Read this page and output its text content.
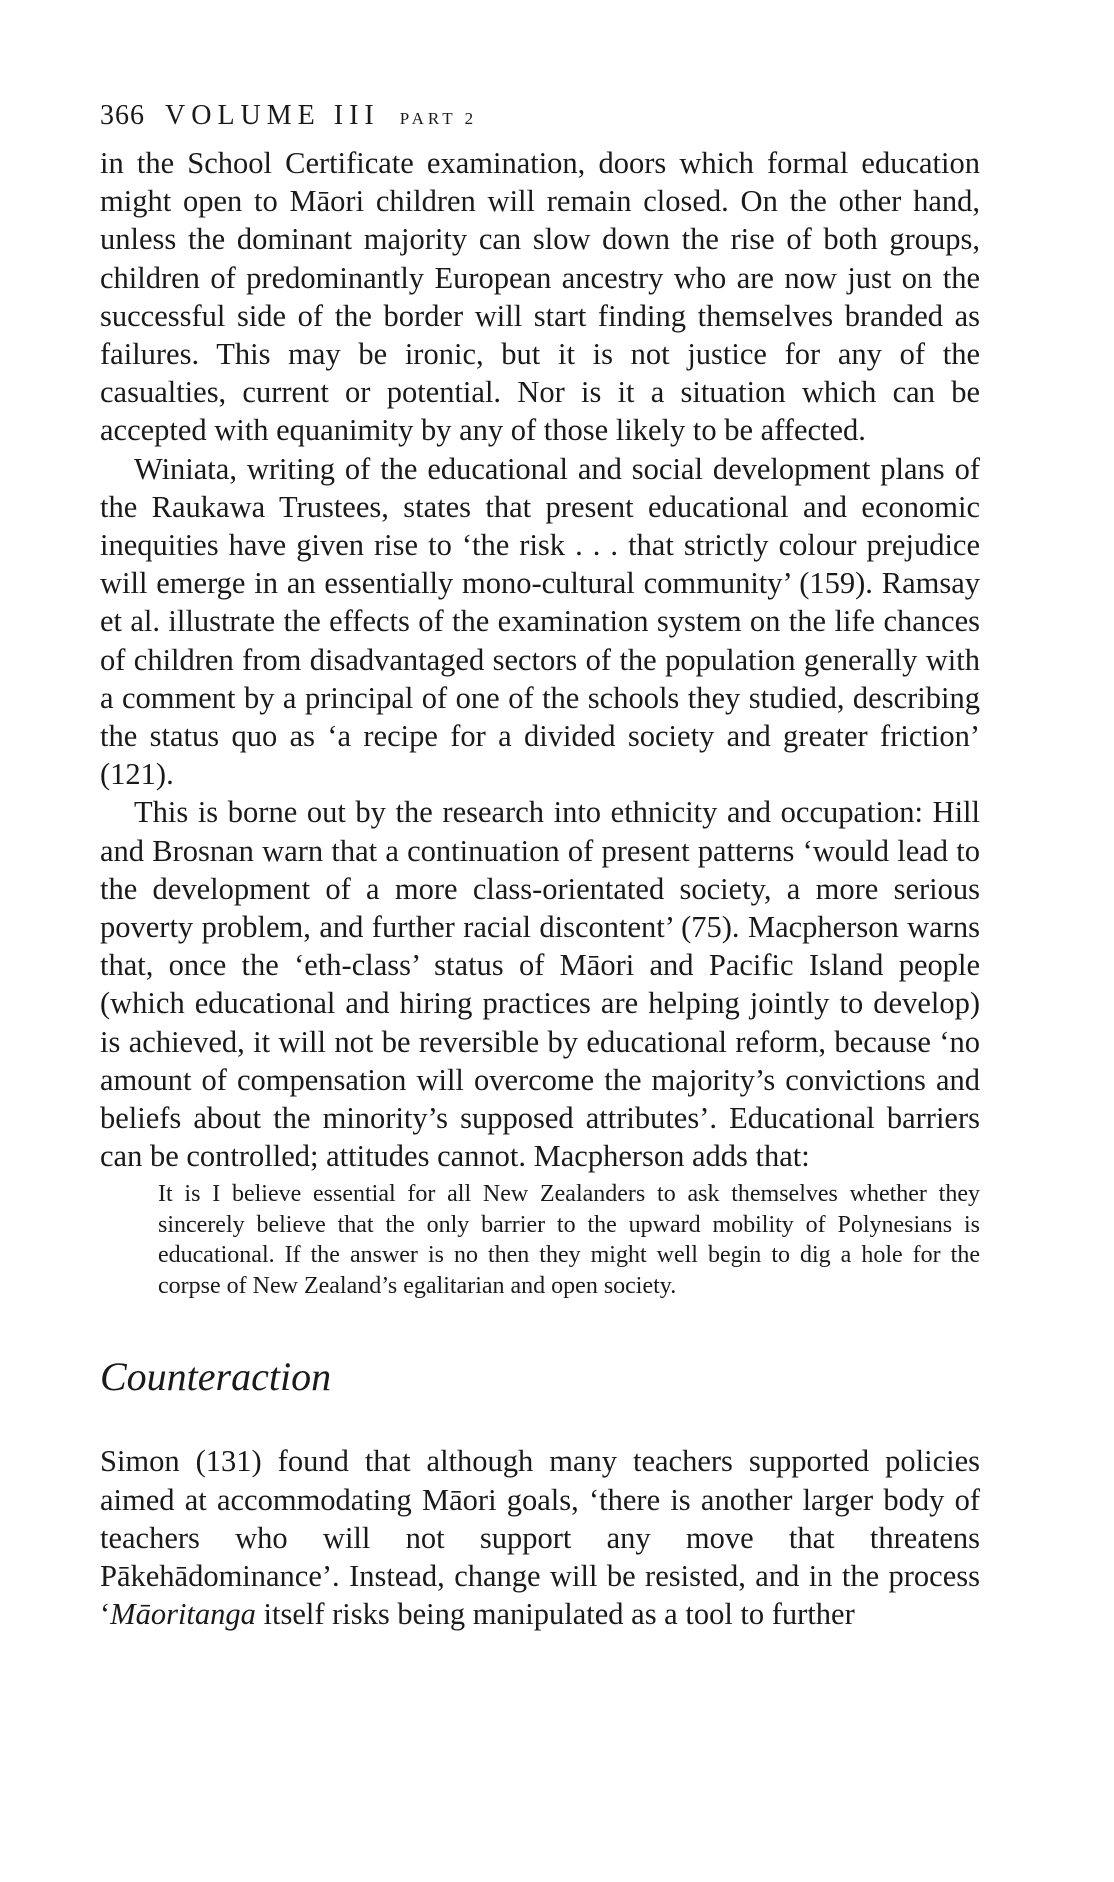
366 VOLUME III PART 2

in the School Certificate examination, doors which formal education might open to Māori children will remain closed. On the other hand, unless the dominant majority can slow down the rise of both groups, children of predominantly European ancestry who are now just on the successful side of the border will start finding themselves branded as failures. This may be ironic, but it is not justice for any of the casualties, current or potential. Nor is it a situation which can be accepted with equanimity by any of those likely to be affected.

Winiata, writing of the educational and social development plans of the Raukawa Trustees, states that present educational and economic inequities have given rise to ‘the risk . . . that strictly colour prejudice will emerge in an essentially mono-cultural community’ (159). Ramsay et al. illustrate the effects of the examination system on the life chances of children from disadvantaged sectors of the population generally with a comment by a principal of one of the schools they studied, describing the status quo as ‘a recipe for a divided society and greater friction’ (121).

This is borne out by the research into ethnicity and occupation: Hill and Brosnan warn that a continuation of present patterns ‘would lead to the development of a more class-orientated society, a more serious poverty problem, and further racial discontent’ (75). Macpherson warns that, once the ‘eth-class’ status of Māori and Pacific Island people (which educational and hiring practices are helping jointly to develop) is achieved, it will not be reversible by educational reform, because ‘no amount of compensation will overcome the majority’s convictions and beliefs about the minority’s supposed attributes’. Educational barriers can be controlled; attitudes cannot. Macpherson adds that:

It is I believe essential for all New Zealanders to ask themselves whether they sincerely believe that the only barrier to the upward mobility of Polynesians is educational. If the answer is no then they might well begin to dig a hole for the corpse of New Zealand’s egalitarian and open society.

Counteraction

Simon (131) found that although many teachers supported policies aimed at accommodating Māori goals, ‘there is another larger body of teachers who will not support any move that threatens Pākehādominance’. Instead, change will be resisted, and in the process ‘Māoritanga itself risks being manipulated as a tool to further
